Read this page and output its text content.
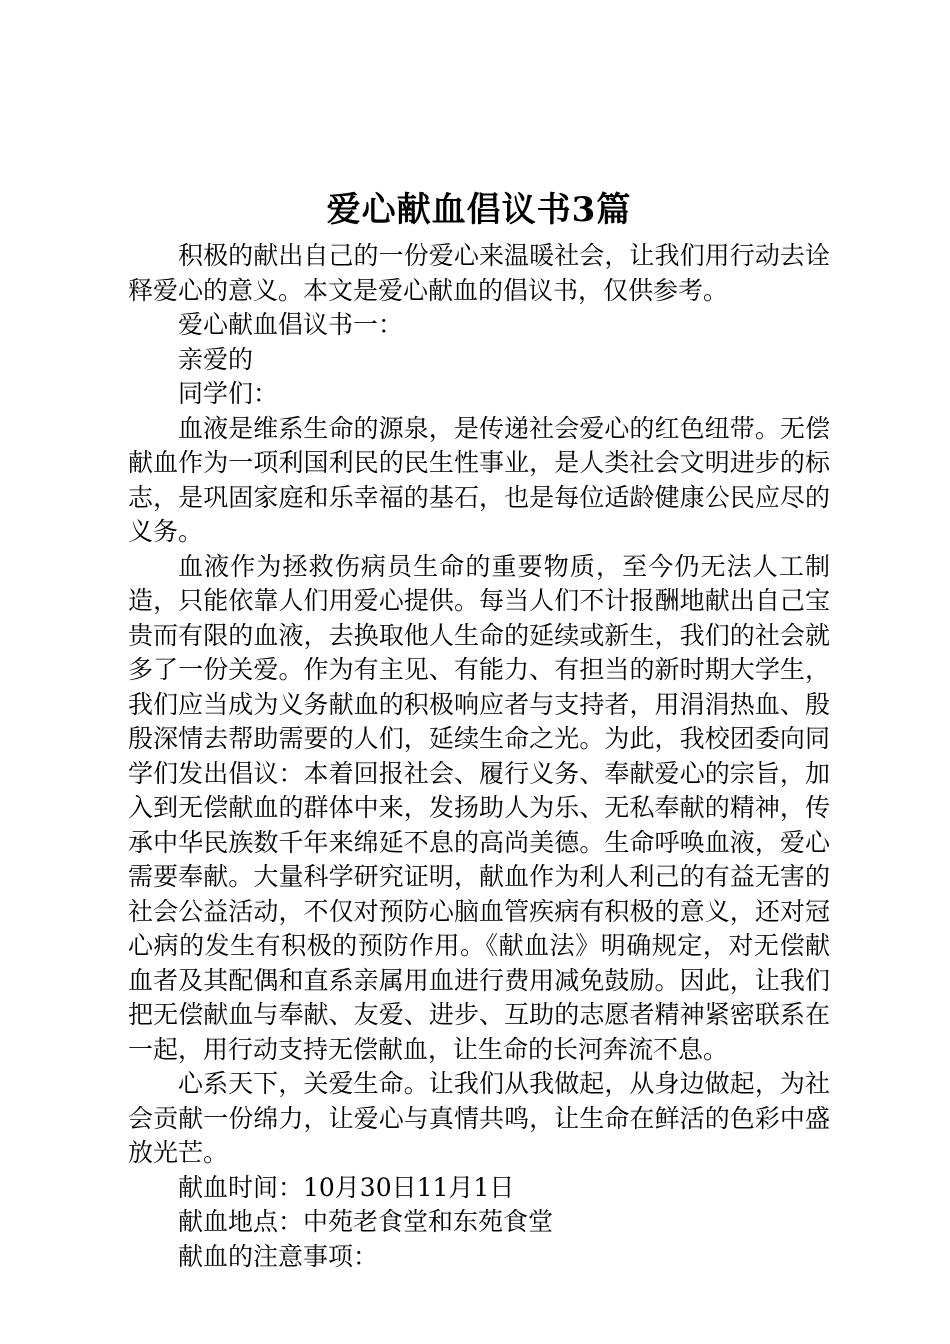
爱心献血倡议书3篇

积极的献出自己的一份爱心来温暖社会，让我们用行动去诠释爱心的意义。本文是爱心献血的倡议书，仅供参考。

爱心献血倡议书一：

亲爱的

同学们：

血液是维系生命的源泉，是传递社会爱心的红色纽带。无偿献血作为一项利国利民的民生性事业，是人类社会文明进步的标志，是巩固家庭和乐幸福的基石，也是每位适龄健康公民应尽的义务。

血液作为拯救伤病员生命的重要物质，至今仍无法人工制造，只能依靠人们用爱心提供。每当人们不计报酬地献出自己宝贵而有限的血液，去换取他人生命的延续或新生，我们的社会就多了一份关爱。作为有主见、有能力、有担当的新时期大学生，我们应当成为义务献血的积极响应者与支持者，用涓涓热血、殷殷深情去帮助需要的人们，延续生命之光。为此，我校团委向同学们发出倡议：本着回报社会、履行义务、奉献爱心的宗旨，加入到无偿献血的群体中来，发扬助人为乐、无私奉献的精神，传承中华民族数千年来绵延不息的高尚美德。生命呼唤血液，爱心需要奉献。大量科学研究证明，献血作为利人利己的有益无害的社会公益活动，不仅对预防心脑血管疾病有积极的意义，还对冠心病的发生有积极的预防作用。《献血法》明确规定，对无偿献血者及其配偶和直系亲属用血进行费用减免鼓励。因此，让我们把无偿献血与奉献、友爱、进步、互助的志愿者精神紧密联系在一起，用行动支持无偿献血，让生命的长河奔流不息。

心系天下，关爱生命。让我们从我做起，从身边做起，为社会贡献一份绵力，让爱心与真情共鸣，让生命在鲜活的色彩中盛放光芒。

献血时间：10月30日11月1日

献血地点：中苑老食堂和东苑食堂

献血的注意事项：
